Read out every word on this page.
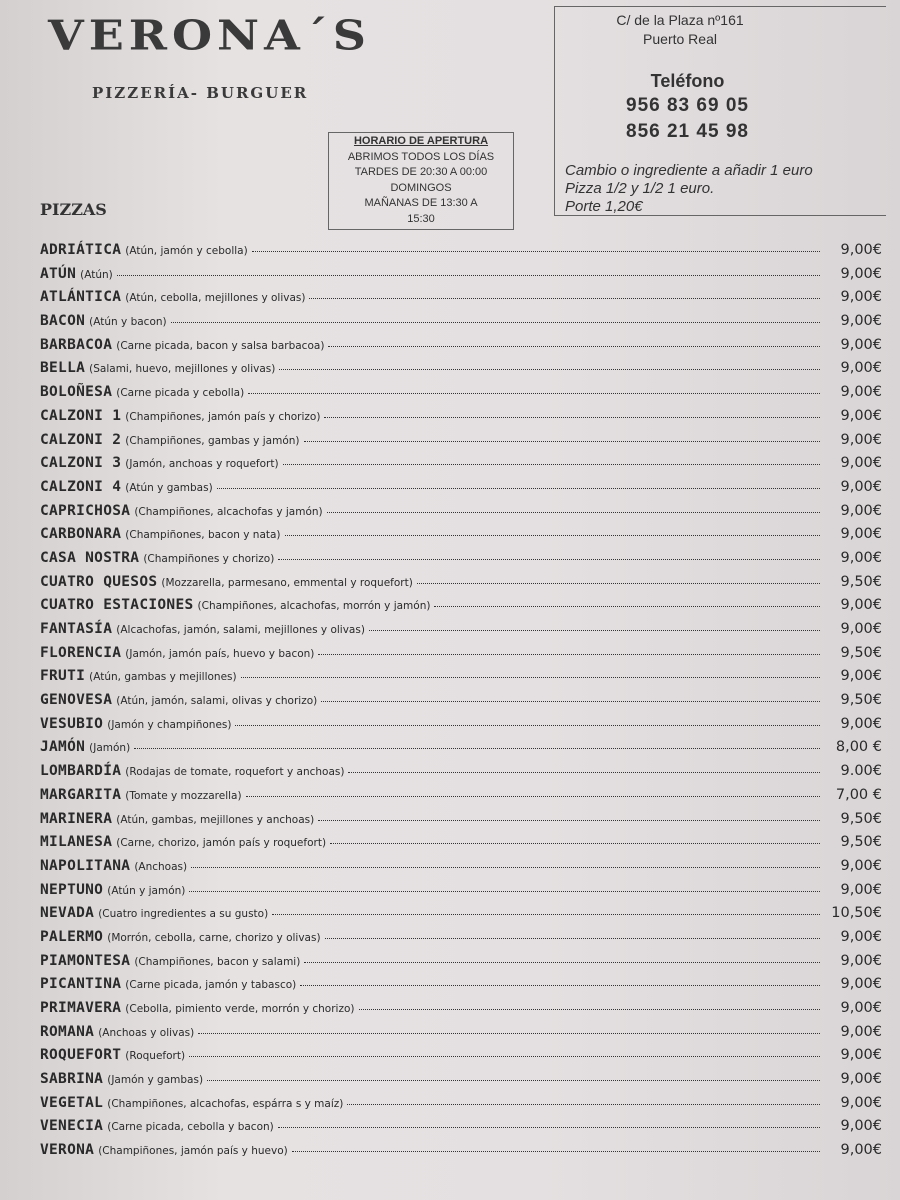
VERONA´S
PIZZERÍA- BURGUER
HORARIO DE APERTURA
ABRIMOS TODOS LOS DÍAS
TARDES DE 20:30 A 00:00
DOMINGOS
MAÑANAS DE 13:30 A
15:30
C/ de la Plaza nº161
Puerto Real
Teléfono
956 83 69 05
856 21 45 98
Cambio o ingrediente a añadir 1 euro
Pizza 1/2 y 1/2 1 euro.
Porte 1,20€
PIZZAS
ADRIÁTICA (Atún, jamón y cebolla)	9,00€
ATÚN (Atún)	9,00€
ATLÁNTICA (Atún, cebolla, mejillones y olivas)	9,00€
BACON (Atún y bacon)	9,00€
BARBACOA (Carne picada, bacon y salsa barbacoa)	9,00€
BELLA (Salami, huevo, mejillones y olivas)	9,00€
BOLOÑESA (Carne picada y cebolla)	9,00€
CALZONI 1 (Champiñones, jamón país y chorizo)	9,00€
CALZONI 2 (Champiñones, gambas y jamón)	9,00€
CALZONI 3 (Jamón, anchoas y roquefort)	9,00€
CALZONI 4 (Atún y gambas)	9,00€
CAPRICHOSA (Champiñones, alcachofas y jamón)	9,00€
CARBONARA (Champiñones, bacon y nata)	9,00€
CASA NOSTRA (Champiñones y chorizo)	9,00€
CUATRO QUESOS (Mozzarella, parmesano, emmental y roquefort)	9,50€
CUATRO ESTACIONES (Champiñones, alcachofas, morrón y jamón)	9,00€
FANTASÍA (Alcachofas, jamón, salami, mejillones y olivas)	9,00€
FLORENCIA (Jamón, jamón país, huevo y bacon)	9,50€
FRUTI (Atún, gambas y mejillones)	9,00€
GENOVESA (Atún, jamón, salami, olivas y chorizo)	9,50€
VESUBIO (Jamón y champiñones)	9,00€
JAMÓN (Jamón)	8,00 €
LOMBARDÍA (Rodajas de tomate, roquefort y anchoas)	9.00€
MARGARITA (Tomate y mozzarella)	7,00 €
MARINERA (Atún, gambas, mejillones y anchoas)	9,50€
MILANESA (Carne, chorizo, jamón país y roquefort)	9,50€
NAPOLITANA (Anchoas)	9,00€
NEPTUNO (Atún y jamón)	9,00€
NEVADA (Cuatro ingredientes a su gusto)	10,50€
PALERMO (Morrón, cebolla, carne, chorizo y olivas)	9,00€
PIAMONTESA (Champiñones, bacon y salami)	9,00€
PICANTINA (Carne picada, jamón y tabasco)	9,00€
PRIMAVERA (Cebolla, pimiento verde, morrón y chorizo)	9,00€
ROMANA (Anchoas y olivas)	9,00€
ROQUEFORT (Roquefort)	9,00€
SABRINA (Jamón y gambas)	9,00€
VEGETAL (Champiñones, alcachofas, espárra s y maíz)	9,00€
VENECIA (Carne picada, cebolla y bacon)	9,00€
VERONA (Champiñones, jamón país y huevo)	9,00€
